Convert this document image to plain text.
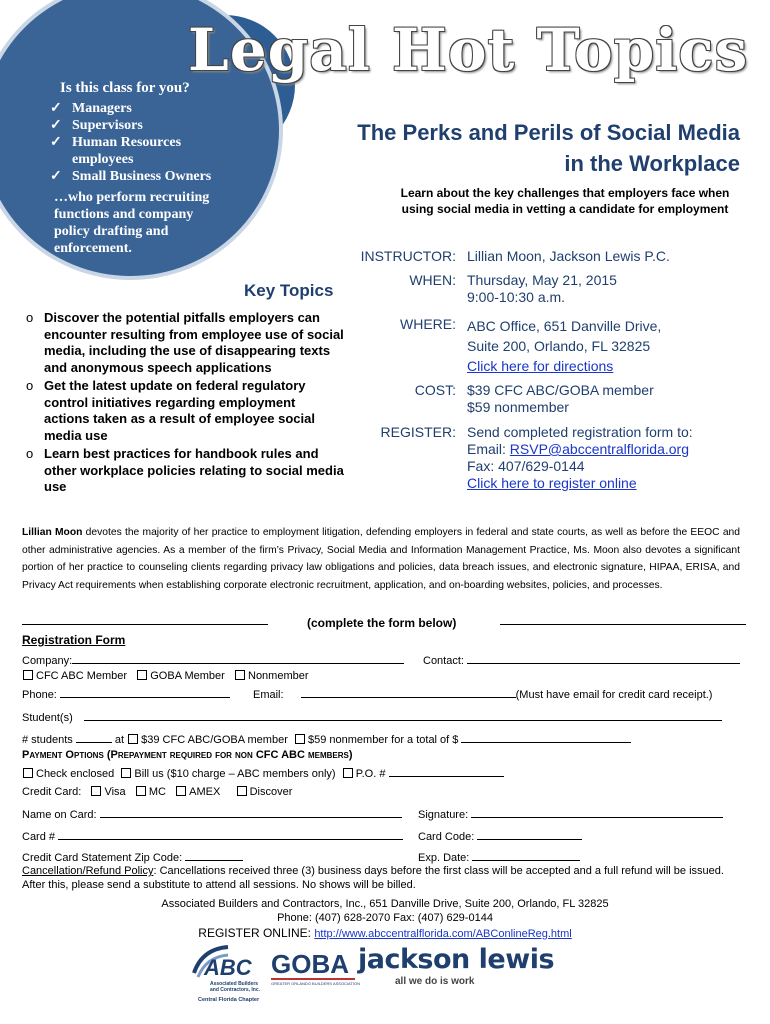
Legal Hot Topics
Is this class for you?
✓ Managers
✓ Supervisors
✓ Human Resources employees
✓ Small Business Owners
…who perform recruiting functions and company policy drafting and enforcement.
The Perks and Perils of Social Media
in the Workplace
Learn about the key challenges that employers face when
using social media in vetting a candidate for employment
INSTRUCTOR: Lillian Moon, Jackson Lewis P.C.
WHEN: Thursday, May 21, 2015
9:00-10:30 a.m.
WHERE: ABC Office, 651 Danville Drive,
Suite 200, Orlando, FL 32825
Click here for directions
COST: $39 CFC ABC/GOBA member
$59 nonmember
REGISTER: Send completed registration form to:
Email: RSVP@abccentralflorida.org
Fax: 407/629-0144
Click here to register online
Key Topics
o Discover the potential pitfalls employers can encounter resulting from employee use of social media, including the use of disappearing texts and anonymous speech applications
o Get the latest update on federal regulatory control initiatives regarding employment actions taken as a result of employee social media use
o Learn best practices for handbook rules and other workplace policies relating to social media use
Lillian Moon devotes the majority of her practice to employment litigation, defending employers in federal and state courts, as well as before the EEOC and other administrative agencies. As a member of the firm’s Privacy, Social Media and Information Management Practice, Ms. Moon also devotes a significant portion of her practice to counseling clients regarding privacy law obligations and policies, data breach issues, and electronic signature, HIPAA, ERISA, and Privacy Act requirements when establishing corporate electronic recruitment, application, and on-boarding websites, policies, and processes.
(complete the form below)
Registration Form
Company:	Contact:
CFC ABC Member GOBA Member Nonmember
Phone:	Email:	(Must have email for credit card receipt.)
Student(s)
# students	at $39 CFC ABC/GOBA member $59 nonmember for a total of $
Payment Options (Prepayment required for non CFC ABC members)
Check enclosed Bill us ($10 charge – ABC members only) P.O. #
Credit Card: Visa MC AMEX	Discover
Name on Card:	Signature:
Card #	Card Code:
Credit Card Statement Zip Code:	Exp. Date:
Cancellation/Refund Policy: Cancellations received three (3) business days before the first class will be accepted and a full refund will be issued. After this, please send a substitute to attend all sessions. No shows will be billed.
Associated Builders and Contractors, Inc., 651 Danville Drive, Suite 200, Orlando, FL 32825
Phone: (407) 628-2070 Fax: (407) 629-0144
REGISTER ONLINE: http://www.abccentralflorida.com/ABConlineReg.html
ABC
Associated Builders
and Contractors, Inc.
Central Florida Chapter
GOBA
GREATER ORLANDO BUILDERS ASSOCIATION
jackson lewis
all we do is work
